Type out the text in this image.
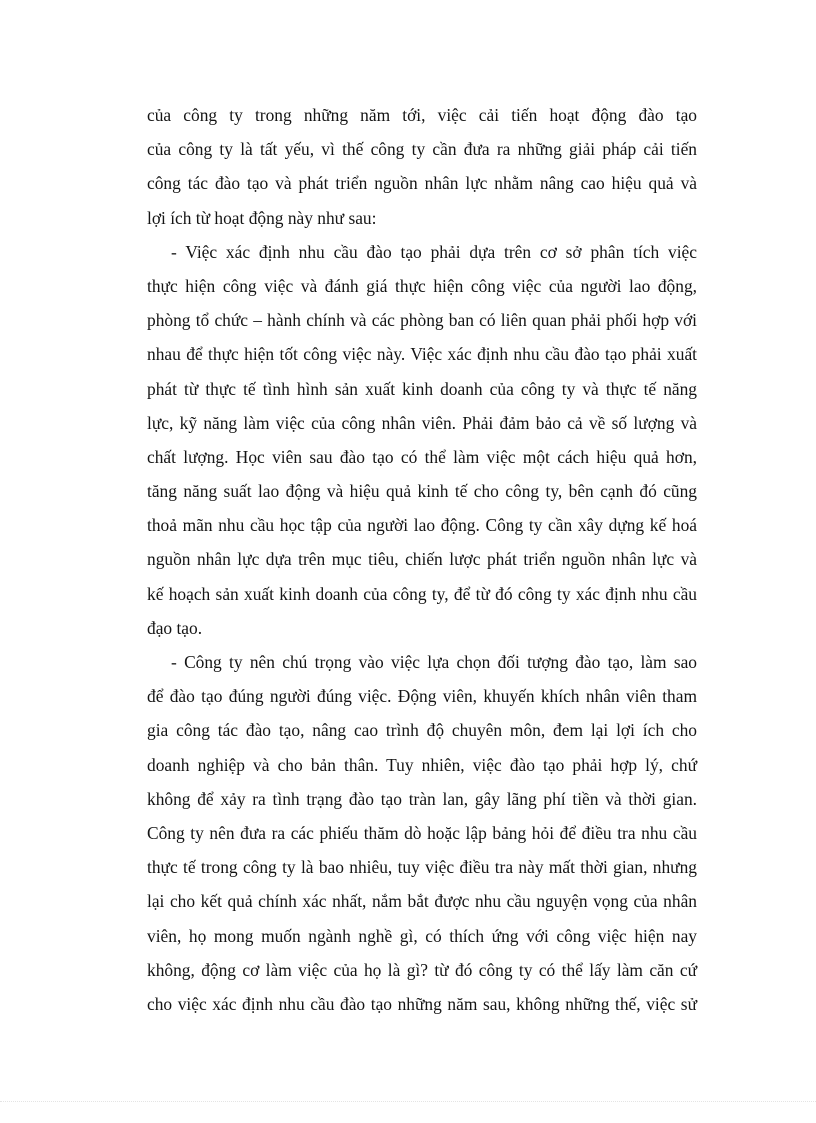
của công ty trong những năm tới, việc cải tiến hoạt động đào tạo
của công ty là tất yếu, vì thế công ty cần đưa ra những giải pháp cải tiến
công tác đào tạo và phát triển nguồn nhân lực nhằm nâng cao hiệu quả và
lợi ích từ hoạt động này như sau:
- Việc xác định nhu cầu đào tạo phải dựa trên cơ sở phân tích việc
thực hiện công việc và đánh giá thực hiện công việc của người lao động,
phòng tổ chức – hành chính và các phòng ban có liên quan phải phối hợp với
nhau để thực hiện tốt công việc này. Việc xác định nhu cầu đào tạo phải xuất
phát từ thực tế tình hình sản xuất kinh doanh của công ty và thực tế năng
lực, kỹ năng làm việc của công nhân viên. Phải đảm bảo cả về số lượng và
chất lượng. Học viên sau đào tạo có thể làm việc một cách hiệu quả hơn,
tăng năng suất lao động và hiệu quả kinh tế cho công ty, bên cạnh đó cũng
thoả mãn nhu cầu học tập của người lao động. Công ty cần xây dựng kế hoá
nguồn nhân lực dựa trên mục tiêu, chiến lược phát triển nguồn nhân lực và
kế hoạch sản xuất kinh doanh của công ty, để từ đó công ty xác định nhu cầu
đạo tạo.
- Công ty nên chú trọng vào việc lựa chọn đối tượng đào tạo, làm sao
để đào tạo đúng người đúng việc. Động viên, khuyến khích nhân viên tham
gia công tác đào tạo, nâng cao trình độ chuyên môn, đem lại lợi ích cho
doanh nghiệp và cho bản thân. Tuy nhiên, việc đào tạo phải hợp lý, chứ
không để xảy ra tình trạng đào tạo tràn lan, gây lãng phí tiền và thời gian.
Công ty nên đưa ra các phiếu thăm dò hoặc lập bảng hỏi để điều tra nhu cầu
thực tế trong công ty là bao nhiêu, tuy việc điều tra này mất thời gian, nhưng
lại cho kết quả chính xác nhất, nắm bắt được nhu cầu nguyện vọng của nhân
viên, họ mong muốn ngành nghề gì, có thích ứng với công việc hiện nay
không, động cơ làm việc của họ là gì? từ đó công ty có thể lấy làm căn cứ
cho việc xác định nhu cầu đào tạo những năm sau, không những thế, việc sử
